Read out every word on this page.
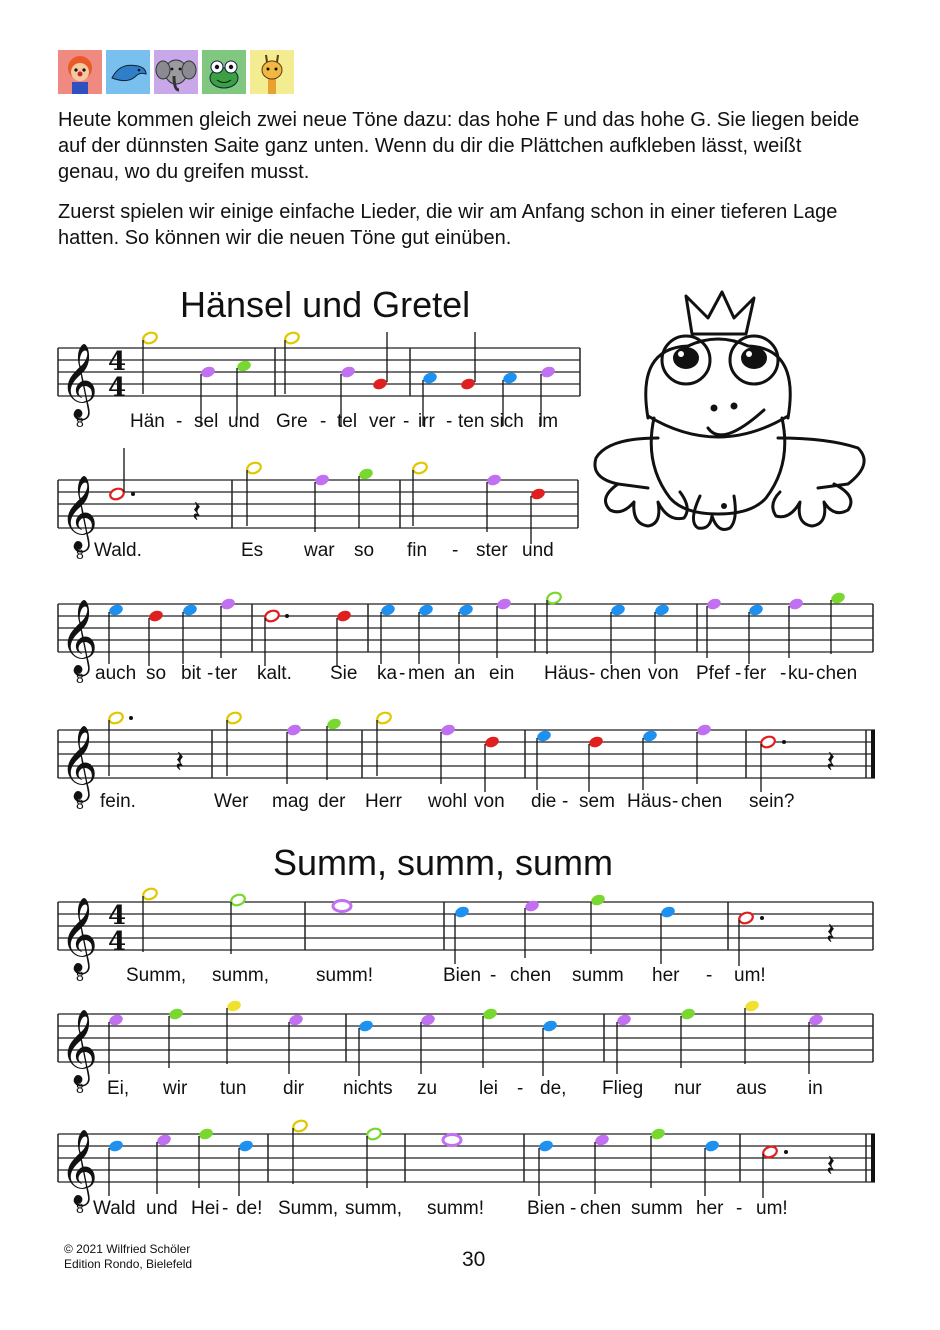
Heute kommen gleich zwei neue Töne dazu: das hohe F und das hohe G. Sie liegen beide auf der dünnsten Saite ganz unten. Wenn du dir die Plättchen aufkleben lässt, weißt genau, wo du greifen musst.

Zuerst spielen wir einige einfache Lieder, die wir am Anfang schon in einer tieferen Lage hatten. So können wir die neuen Töne gut einüben.

Hänsel und Gretel
Summ, summ, summ
𝄞
8
4
4
Hän - sel und Gre - tel ver - irr - ten sich im
𝄞
8
𝄽
Wald.	Es war so fin - ster und
𝄞
8 auch so bit - ter kalt. Sie ka - men an ein Häus - chen von Pfef - fer - ku - chen
𝄞
8
𝄽	𝄽
fein.	Wer mag der Herr wohl von die - sem Häus - chen sein?
𝄞
8
4
4	𝄽
Summ, summ, summ!	Bien - chen summ her - um!
𝄞
8 Ei, wir tun dir nichts zu lei - de, Flieg nur aus in
𝄞
8
𝄽
Wald und Hei - de! Summ, summ, summ! Bien - chen summ her - um!
© 2021 Wilfried Schöler
Edition Rondo, Bielefeld	30
